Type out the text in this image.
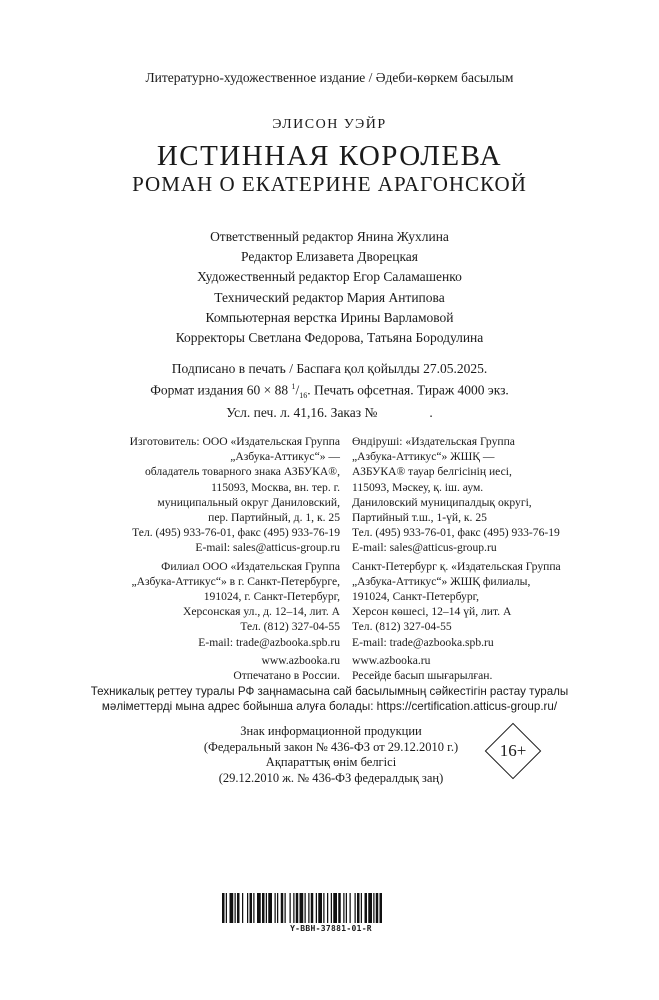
Литературно-художественное издание / Әдеби-көркем басылым
ЭЛИСОН УЭЙР
ИСТИННАЯ КОРОЛЕВА
РОМАН О ЕКАТЕРИНЕ АРАГОНСКОЙ
Ответственный редактор Янина Жухлина
Редактор Елизавета Дворецкая
Художественный редактор Егор Саламашенко
Технический редактор Мария Антипова
Компьютерная верстка Ирины Варламовой
Корректоры Светлана Федорова, Татьяна Бородулина
Подписано в печать / Баспаға қол қойылды 27.05.2025.
Формат издания 60 × 88 $^1/_{16}$. Печать офсетная. Тираж 4000 экз.
Усл. печ. л. 41,16. Заказ №	.
Изготовитель: ООО «Издательская Группа
„Азбука-Аттикус“» —
обладатель товарного знака АЗБУКА®,
115093, Москва, вн. тер. г.
муниципальный округ Даниловский,
пер. Партийный, д. 1, к. 25
Тел. (495) 933-76-01, факс (495) 933-76-19
E-mail: sales@atticus-group.ru
Филиал ООО «Издательская Группа
„Азбука-Аттикус“» в г. Санкт-Петербурге,
191024, г. Санкт-Петербург,
Херсонская ул., д. 12–14, лит. А
Тел. (812) 327-04-55
E-mail: trade@azbooka.spb.ru
www.azbooka.ru
Отпечатано в России.
Өндіруші: «Издательская Группа
„Азбука-Аттикус“» ЖШҚ —
АЗБУКА® тауар белгісінің иесі,
115093, Мәскеу, қ. іш. аум.
Даниловский муниципалдық округі,
Партийный т.ш., 1-үй, к. 25
Тел. (495) 933-76-01, факс (495) 933-76-19
E-mail: sales@atticus-group.ru
Санкт-Петербург қ. «Издательская Группа
„Азбука-Аттикус“» ЖШҚ филиалы,
191024, Санкт-Петербург,
Херсон көшесі, 12–14 үй, лит. А
Тел. (812) 327-04-55
E-mail: trade@azbooka.spb.ru
www.azbooka.ru
Ресейде басып шығарылған.
Техникалық реттеу туралы РФ заңнамасына сай басылымның сәйкестігін растау туралы
мәліметтерді мына адрес бойынша алуға болады: https://certification.atticus-group.ru/
Знак информационной продукции
(Федеральный закон № 436-ФЗ от 29.12.2010 г.)
Ақпараттық өнім белгісі
(29.12.2010 ж. № 436-ФЗ федералдық заң)
16+
Y-BBH-37881-01-R
